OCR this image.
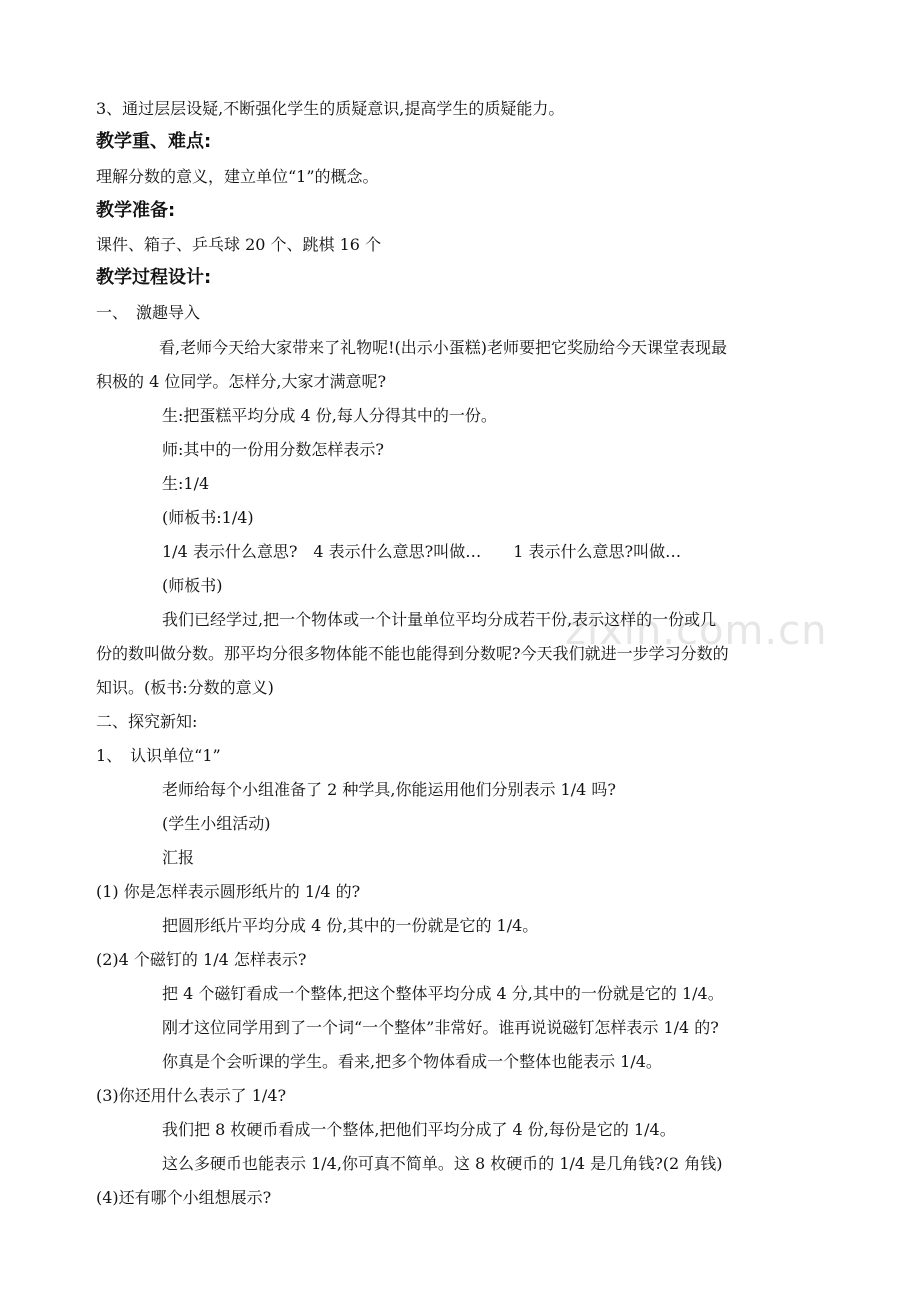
zixin.com.cn
3、通过层层设疑,不断强化学生的质疑意识,提高学生的质疑能力。
教学重、难点:
理解分数的意义，建立单位“1”的概念。
教学准备:
课件、箱子、乒乓球 20 个、跳棋 16 个
教学过程设计:
一、　激趣导入
看,老师今天给大家带来了礼物呢!(出示小蛋糕)老师要把它奖励给今天课堂表现最
积极的 4 位同学。怎样分,大家才满意呢?
生:把蛋糕平均分成 4 份,每人分得其中的一份。
师:其中的一份用分数怎样表示?
生:1/4
(师板书:1/4)
1/4 表示什么意思?　4 表示什么意思?叫做…　　1 表示什么意思?叫做…
(师板书)
我们已经学过,把一个物体或一个计量单位平均分成若干份,表示这样的一份或几
份的数叫做分数。那平均分很多物体能不能也能得到分数呢?今天我们就进一步学习分数的
知识。(板书:分数的意义)
二、探究新知:
1、　认识单位“1”
老师给每个小组准备了 2 种学具,你能运用他们分别表示 1/4 吗?
(学生小组活动)
汇报
(1) 你是怎样表示圆形纸片的 1/4 的?
把圆形纸片平均分成 4 份,其中的一份就是它的 1/4。
(2)4 个磁钉的 1/4 怎样表示?
把 4 个磁钉看成一个整体,把这个整体平均分成 4 分,其中的一份就是它的 1/4。
刚才这位同学用到了一个词“一个整体”非常好。谁再说说磁钉怎样表示 1/4 的?
你真是个会听课的学生。看来,把多个物体看成一个整体也能表示 1/4。
(3)你还用什么表示了 1/4?
我们把 8 枚硬币看成一个整体,把他们平均分成了 4 份,每份是它的 1/4。
这么多硬币也能表示 1/4,你可真不简单。这 8 枚硬币的 1/4 是几角钱?(2 角钱)
(4)还有哪个小组想展示?
